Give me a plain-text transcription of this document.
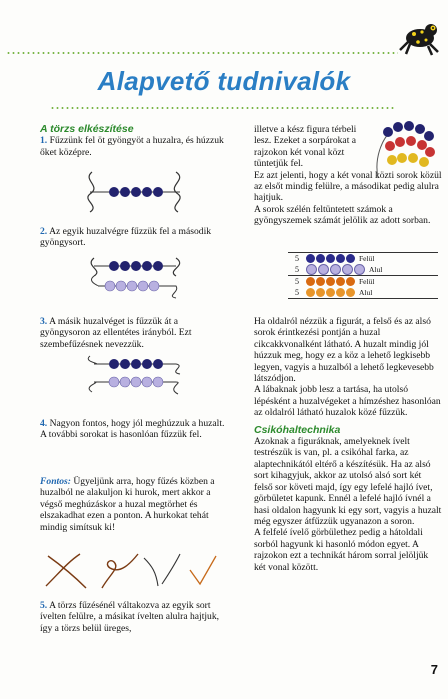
Alapvető tudnivalók

A törzs elkészítése

1. Fűzzünk fel öt gyöngyöt a huzalra, és húzzuk őket középre.

2. Az egyik huzalvégre fűzzük fel a második gyöngysort.

3. A másik huzalvéget is fűzzük át a gyöngysoron az ellentétes irányból. Ezt szembefűzésnek nevezzük.

4. Nagyon fontos, hogy jól meghúzzuk a huzalt.

A további sorokat is hasonlóan fűzzük fel.

Fontos: Ügyeljünk arra, hogy fűzés közben a huzalból ne alakuljon ki hurok, mert akkor a végső meghúzáskor a huzal megtörhet és elszakadhat ezen a ponton. A hurkokat tehát mindig simítsuk ki!

5. A törzs fűzésénél váltakozva az egyik sort ívelten felülre, a másikat ívelten alulra hajtjuk, így a törzs belül üreges,

illetve a kész figura térbeli lesz. Ezeket a sorpárokat a rajzokon két vonal közt tüntetjük fel.

Ez azt jelenti, hogy a két vonal közti sorok közül az elsőt mindig felülre, a másodikat pedig alulra hajtjuk.

A sorok szélén feltüntetett számok a gyöngyszemek számát jelölik az adott sorban.

5	Felül
5	Alul
5	Felül
5	Alul

Ha oldalról nézzük a figurát, a felső és az alsó sorok érintkezési pontján a huzal cikcakkvonalként látható. A huzalt mindig jól húzzuk meg, hogy ez a köz a lehető legkisebb legyen, vagyis a huzalból a lehető legkevesebb látszódjon.

A lábaknak jobb lesz a tartása, ha utolsó lépésként a huzalvégeket a hímzéshez hasonlóan az oldalról látható huzalok közé fűzzük.

Csikóhaltechnika

Azoknak a figuráknak, amelyeknek ívelt testrészük is van, pl. a csikóhal farka, az alaptechnikától eltérő a készítésük. Ha az alsó sort kihagyjuk, akkor az utolsó alsó sort két felső sor követi majd, így egy lefelé hajló ívet, görbületet kapunk. Ennél a lefelé hajló ívnél a hasi oldalon hagyunk ki egy sort, vagyis a huzalt még egyszer átfűzzük ugyanazon a soron.

A felfelé ívelő görbülethez pedig a hátoldali sorból hagyunk ki hasonló módon egyet. A rajzokon ezt a technikát három sorral jelöljük két vonal között.

7
